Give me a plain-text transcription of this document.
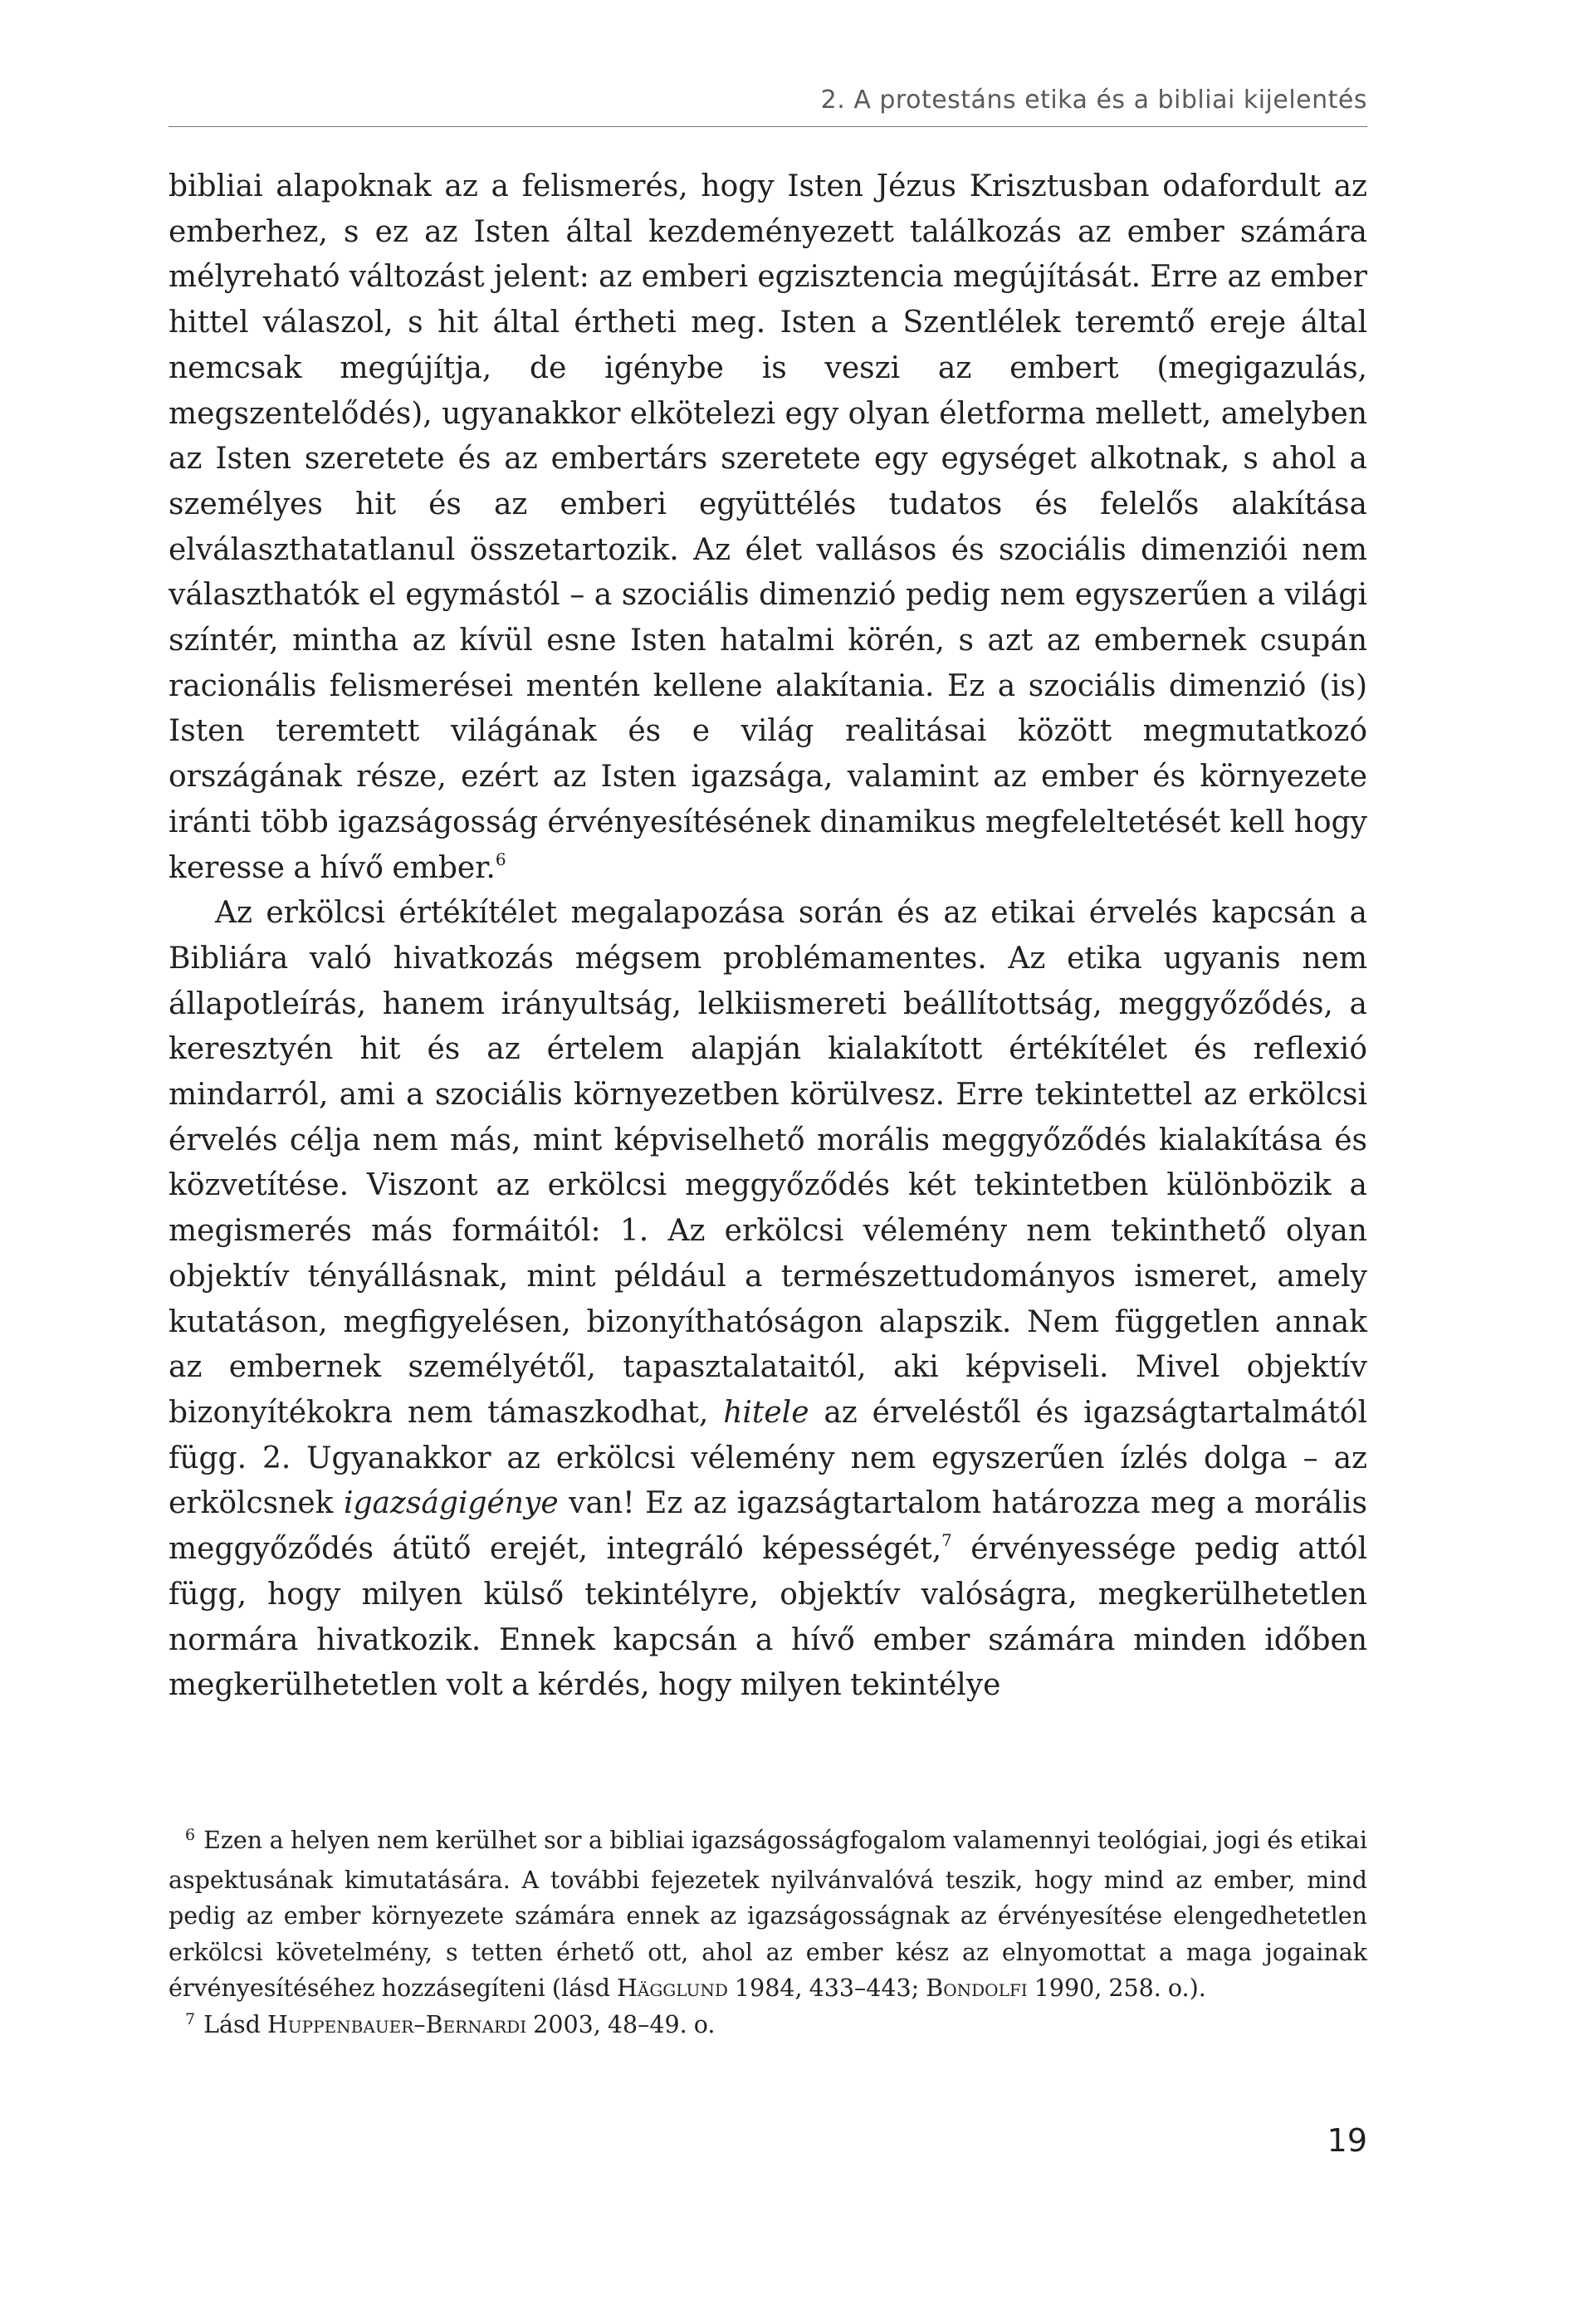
2. A protestáns etika és a bibliai kijelentés

bibliai alapoknak az a felismerés, hogy Isten Jézus Krisztusban odafordult az emberhez, s ez az Isten által kezdeményezett találkozás az ember számára mélyreható változást jelent: az emberi egzisztencia megújítását. Erre az ember hittel válaszol, s hit által értheti meg. Isten a Szentlélek teremtő ereje által nemcsak megújítja, de igénybe is veszi az embert (megigazulás, megszentelődés), ugyanakkor elkötelezi egy olyan életforma mellett, amelyben az Isten szeretete és az embertárs szeretete egy egységet alkotnak, s ahol a személyes hit és az emberi együttélés tudatos és felelős alakítása elválaszthatatlanul összetartozik. Az élet vallásos és szociális dimenziói nem választhatók el egymástól – a szociális dimenzió pedig nem egyszerűen a világi színtér, mintha az kívül esne Isten hatalmi körén, s azt az embernek csupán racionális felismerései mentén kellene alakítania. Ez a szociális dimenzió (is) Isten teremtett világának és e világ realitásai között megmutatkozó országának része, ezért az Isten igazsága, valamint az ember és környezete iránti több igazságosság érvényesítésének dinamikus megfeleltetését kell hogy keresse a hívő ember.$^6$

Az erkölcsi értékítélet megalapozása során és az etikai érvelés kapcsán a Bibliára való hivatkozás mégsem problémamentes. Az etika ugyanis nem állapotleírás, hanem irányultság, lelkiismereti beállítottság, meggyőződés, a keresztyén hit és az értelem alapján kialakított értékítélet és reflexió mindarról, ami a szociális környezetben körülvesz. Erre tekintettel az erkölcsi érvelés célja nem más, mint képviselhető morális meggyőződés kialakítása és közvetítése. Viszont az erkölcsi meggyőződés két tekintetben különbözik a megismerés más formáitól: 1. Az erkölcsi vélemény nem tekinthető olyan objektív tényállásnak, mint például a természettudományos ismeret, amely kutatáson, megfigyelésen, bizonyíthatóságon alapszik. Nem független annak az embernek személyétől, tapasztalataitól, aki képviseli. Mivel objektív bizonyítékokra nem támaszkodhat, hitele az érveléstől és igazságtartalmától függ. 2. Ugyanakkor az erkölcsi vélemény nem egyszerűen ízlés dolga – az erkölcsnek igazságigénye van! Ez az igazságtartalom határozza meg a morális meggyőződés átütő erejét, integráló képességét,$^7$ érvényessége pedig attól függ, hogy milyen külső tekintélyre, objektív valóságra, megkerülhetetlen normára hivatkozik. Ennek kapcsán a hívő ember számára minden időben megkerülhetetlen volt a kérdés, hogy milyen tekintélye

$^6$ Ezen a helyen nem kerülhet sor a bibliai igazságosságfogalom valamennyi teológiai, jogi és etikai aspektusának kimutatására. A további fejezetek nyilvánvalóvá teszik, hogy mind az ember, mind pedig az ember környezete számára ennek az igazságosságnak az érvényesítése elengedhetetlen erkölcsi követelmény, s tetten érhető ott, ahol az ember kész az elnyomottat a maga jogainak érvényesítéséhez hozzásegíteni (lásd Hägglund 1984, 433–443; Bondolfi 1990, 258. o.).

$^7$ Lásd Huppenbauer–Bernardi 2003, 48–49. o.

19
